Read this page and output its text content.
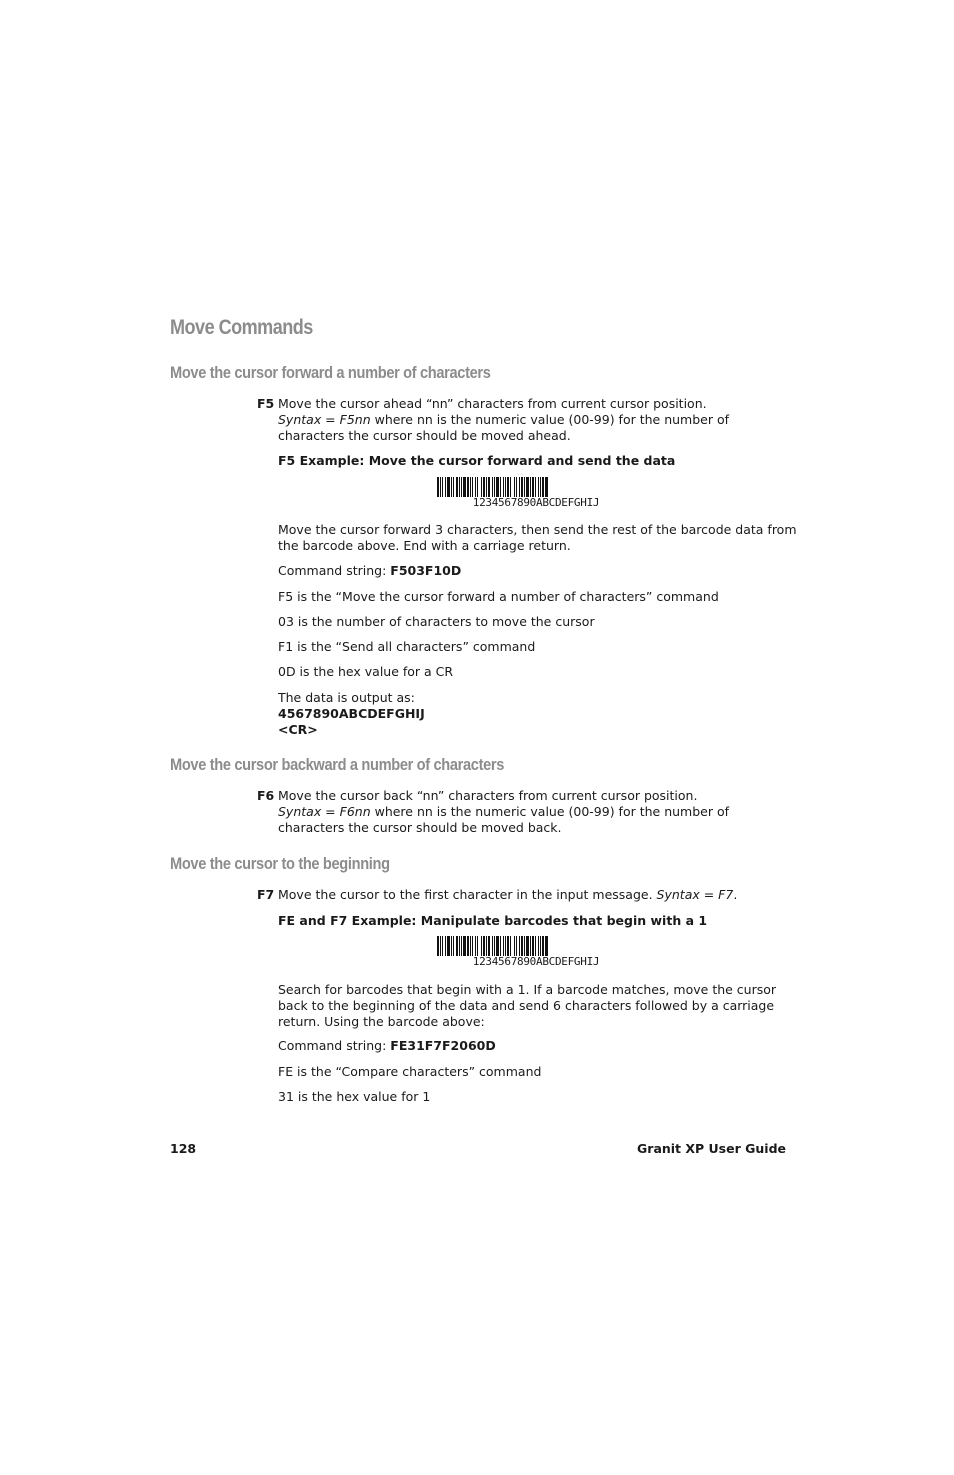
Move Commands
Move the cursor forward a number of characters
F5 Move the cursor ahead “nn” characters from current cursor position.
Syntax = F5nn where nn is the numeric value (00-99) for the number of characters the cursor should be moved ahead.
F5 Example: Move the cursor forward and send the data
1234567890ABCDEFGHIJ
Move the cursor forward 3 characters, then send the rest of the barcode data from the barcode above. End with a carriage return.
Command string: F503F10D
F5 is the “Move the cursor forward a number of characters” command
03 is the number of characters to move the cursor
F1 is the “Send all characters” command
0D is the hex value for a CR
The data is output as:
4567890ABCDEFGHIJ
<CR>
Move the cursor backward a number of characters
F6 Move the cursor back “nn” characters from current cursor position.
Syntax = F6nn where nn is the numeric value (00-99) for the number of characters the cursor should be moved back.
Move the cursor to the beginning
F7 Move the cursor to the first character in the input message. Syntax = F7.
FE and F7 Example: Manipulate barcodes that begin with a 1
1234567890ABCDEFGHIJ
Search for barcodes that begin with a 1. If a barcode matches, move the cursor back to the beginning of the data and send 6 characters followed by a carriage return. Using the barcode above:
Command string: FE31F7F2060D
FE is the “Compare characters” command
31 is the hex value for 1
128	Granit XP User Guide
